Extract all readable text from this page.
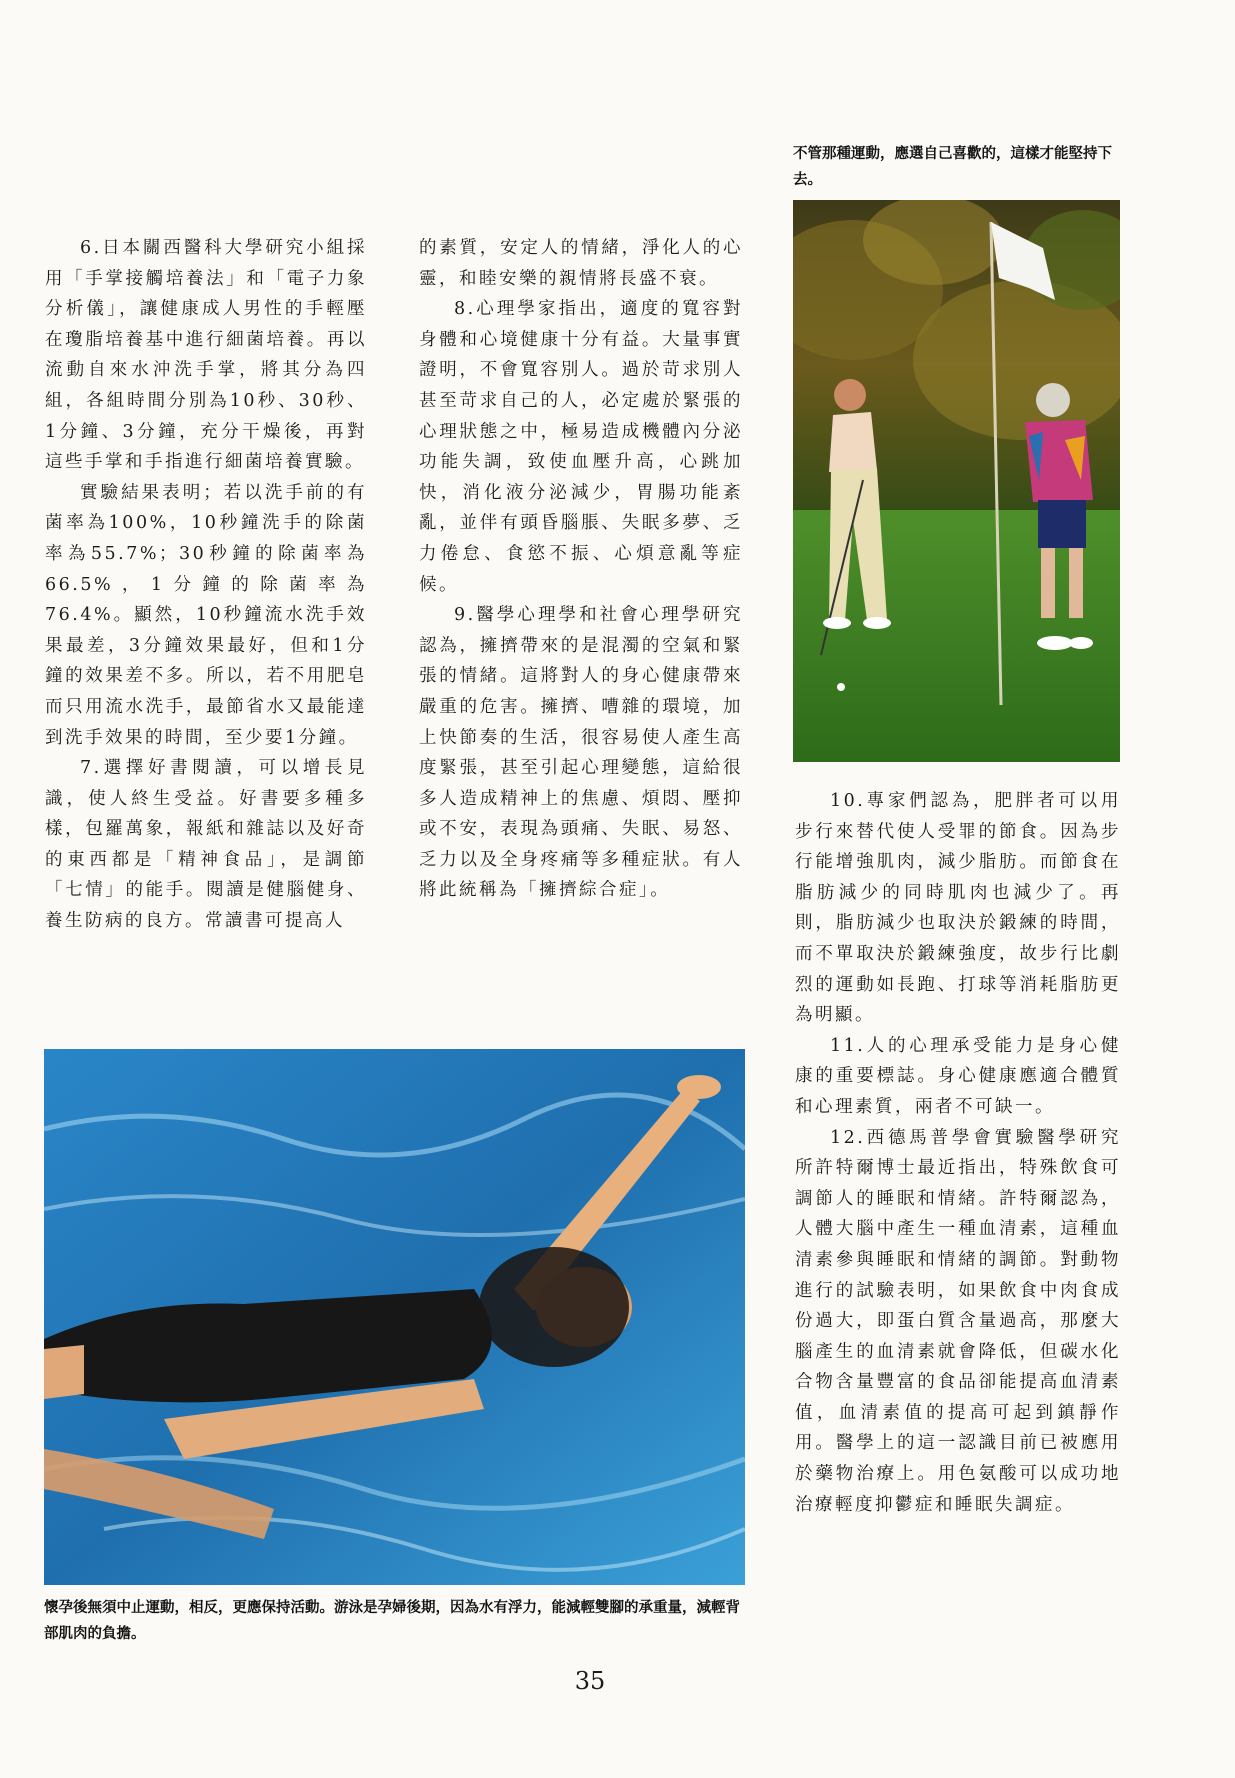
不管那種運動，應選自己喜歡的，這樣才能堅持下去。

6.日本關西醫科大學研究小組採用「手掌接觸培養法」和「電子力象分析儀」，讓健康成人男性的手輕壓在瓊脂培養基中進行細菌培養。再以流動自來水沖洗手掌，將其分為四組，各組時間分別為10秒、30秒、1分鐘、3分鐘，充分干燥後，再對這些手掌和手指進行細菌培養實驗。

實驗結果表明；若以洗手前的有菌率為100%，10秒鐘洗手的除菌率為55.7%；30秒鐘的除菌率為66.5%，1分鐘的除菌率為76.4%。顯然，10秒鐘流水洗手效果最差，3分鐘效果最好，但和1分鐘的效果差不多。所以，若不用肥皂而只用流水洗手，最節省水又最能達到洗手效果的時間，至少要1分鐘。

7.選擇好書閱讀，可以增長見識，使人終生受益。好書要多種多樣，包羅萬象，報紙和雜誌以及好奇的東西都是「精神食品」，是調節「七情」的能手。閱讀是健腦健身、養生防病的良方。常讀書可提高人

的素質，安定人的情緒，淨化人的心靈，和睦安樂的親情將長盛不衰。

8.心理學家指出，適度的寬容對身體和心境健康十分有益。大量事實證明，不會寬容別人。過於苛求別人甚至苛求自己的人，必定處於緊張的心理狀態之中，極易造成機體內分泌功能失調，致使血壓升高，心跳加快，消化液分泌減少，胃腸功能紊亂，並伴有頭昏腦脹、失眠多夢、乏力倦怠、食慾不振、心煩意亂等症候。

9.醫學心理學和社會心理學研究認為，擁擠帶來的是混濁的空氣和緊張的情緒。這將對人的身心健康帶來嚴重的危害。擁擠、嘈雜的環境，加上快節奏的生活，很容易使人產生高度緊張，甚至引起心理變態，這給很多人造成精神上的焦慮、煩悶、壓抑或不安，表現為頭痛、失眠、易怒、乏力以及全身疼痛等多種症狀。有人將此統稱為「擁擠綜合症」。

10.專家們認為，肥胖者可以用步行來替代使人受罪的節食。因為步行能增強肌肉，減少脂肪。而節食在脂肪減少的同時肌肉也減少了。再則，脂肪減少也取決於鍛練的時間，而不單取決於鍛練強度，故步行比劇烈的運動如長跑、打球等消耗脂肪更為明顯。

11.人的心理承受能力是身心健康的重要標誌。身心健康應適合體質和心理素質，兩者不可缺一。

12.西德馬普學會實驗醫學研究所許特爾博士最近指出，特殊飲食可調節人的睡眠和情緒。許特爾認為，人體大腦中產生一種血清素，這種血清素參與睡眠和情緒的調節。對動物進行的試驗表明，如果飲食中肉食成份過大，即蛋白質含量過高，那麼大腦產生的血清素就會降低，但碳水化合物含量豐富的食品卻能提高血清素值，血清素值的提高可起到鎮靜作用。醫學上的這一認識目前已被應用於藥物治療上。用色氨酸可以成功地治療輕度抑鬱症和睡眠失調症。

懷孕後無須中止運動，相反，更應保持活動。游泳是孕婦後期，因為水有浮力，能減輕雙腳的承重量，減輕背部肌肉的負擔。
35
